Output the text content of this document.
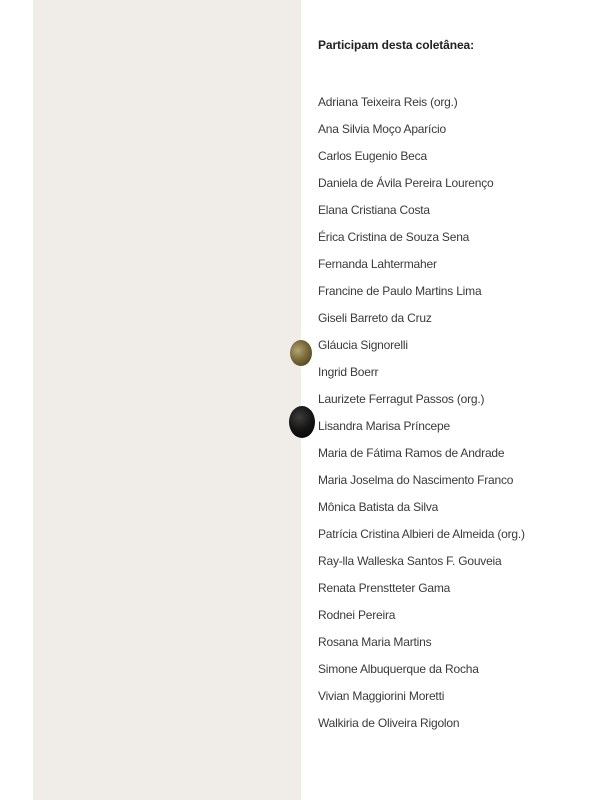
Participam desta coletânea:
Adriana Teixeira Reis (org.)
Ana Silvia Moço Aparício
Carlos Eugenio Beca
Daniela de Ávila Pereira Lourenço
Elana Cristiana Costa
Érica Cristina de Souza Sena
Fernanda Lahtermaher
Francine de Paulo Martins Lima
Giseli Barreto da Cruz
Gláucia Signorelli
Ingrid Boerr
Laurizete Ferragut Passos (org.)
Lisandra Marisa Príncepe
Maria de Fátima Ramos de Andrade
Maria Joselma do Nascimento Franco
Mônica Batista da Silva
Patrícia Cristina Albieri de Almeida (org.)
Ray-lla Walleska Santos F. Gouveia
Renata Prenstteter Gama
Rodnei Pereira
Rosana Maria Martins
Simone Albuquerque da Rocha
Vivian Maggiorini Moretti
Walkiria de Oliveira Rigolon
